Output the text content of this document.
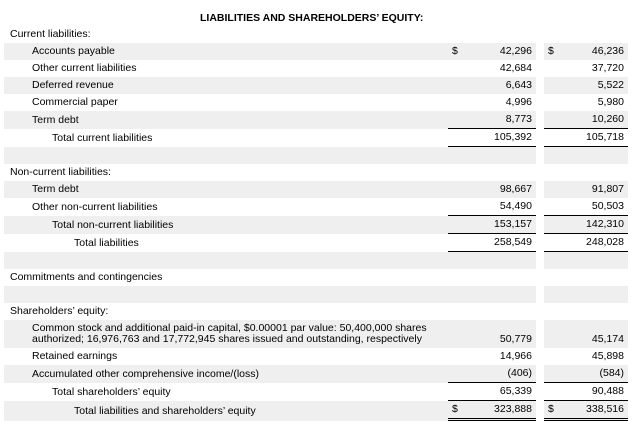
LIABILITIES AND SHAREHOLDERS’ EQUITY:
Current liabilities:					
Accounts payable	$	42,296		$	46,236
Other current liabilities		42,684			37,720
Deferred revenue		6,643			5,522
Commercial paper		4,996			5,980
Term debt		8,773			10,260
Total current liabilities		105,392			105,718

Non-current liabilities:					
Term debt		98,667			91,807
Other non-current liabilities		54,490			50,503
Total non-current liabilities		153,157			142,310
Total liabilities		258,549			248,028

Commitments and contingencies					

Shareholders’ equity:					
Common stock and additional paid-in capital, $0.00001 par value: 50,400,000 shares authorized; 16,976,763 and 17,772,945 shares issued and outstanding, respectively		50,779			45,174
Retained earnings		14,966			45,898
Accumulated other comprehensive income/(loss)		(406)			(584)
Total shareholders’ equity		65,339			90,488
Total liabilities and shareholders’ equity	$	323,888		$	338,516
